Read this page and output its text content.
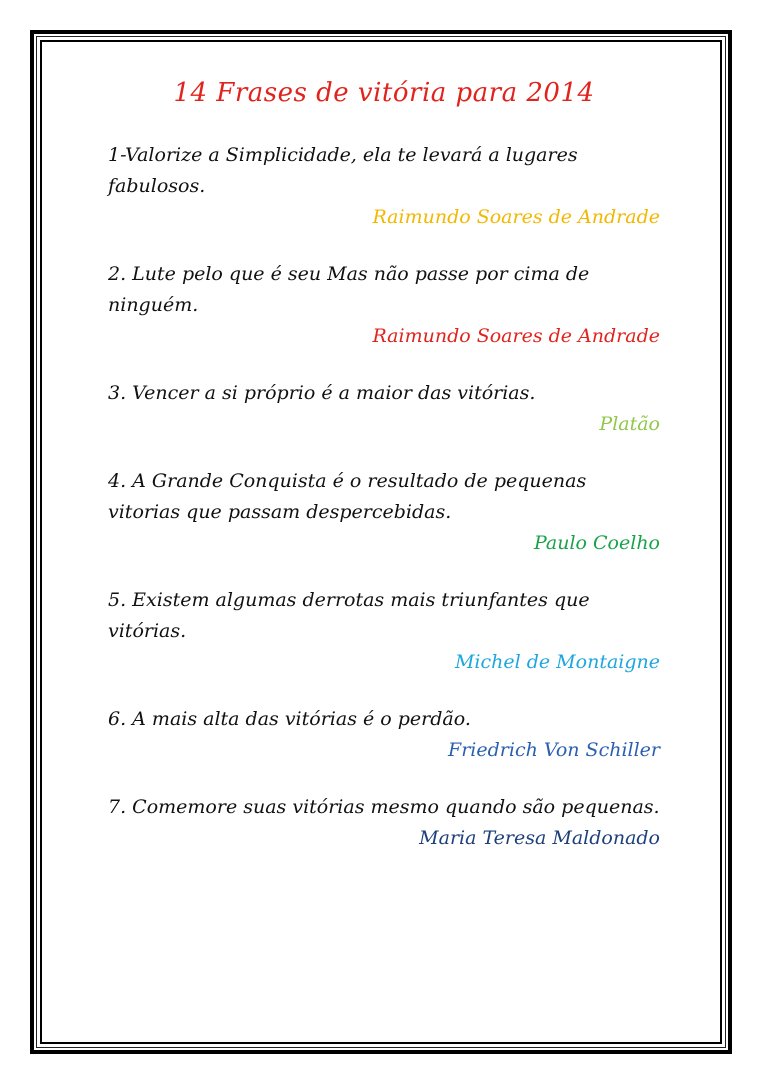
14 Frases de vitória para 2014
1-Valorize a Simplicidade, ela te levará a lugares fabulosos.
Raimundo Soares de Andrade
2. Lute pelo que é seu Mas não passe por cima de ninguém.
Raimundo Soares de Andrade
3. Vencer a si próprio é a maior das vitórias.
Platão
4. A Grande Conquista é o resultado de pequenas vitorias que passam despercebidas.
Paulo Coelho
5. Existem algumas derrotas mais triunfantes que vitórias.
Michel de Montaigne
6. A mais alta das vitórias é o perdão.
Friedrich Von Schiller
7. Comemore suas vitórias mesmo quando são pequenas.
Maria Teresa Maldonado
